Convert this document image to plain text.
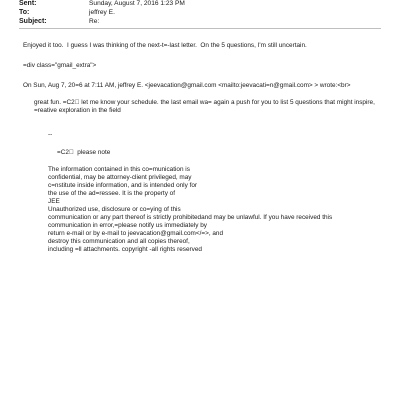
Sent:	Sunday, August 7, 2016 1:23 PM
To:	jeffrey E.
Subject:	Re:
Enjoyed it too.  I guess I was thinking of the next-t=-last letter.  On the 5 questions, I'm still uncertain.
=div class="gmail_extra">
On Sun, Aug 7, 20=6 at 7:11 AM, jeffrey E. <jeevacation@gmail.com <mailto:jeevacati=n@gmail.com> > wrote:<br>
great fun. =C2  let me know your schedule. the last email wa= again a push for you to list 5 questions that might inspire, =reative exploration in the field
--
=C2   please note
The information contained in this co=munication is
confidential, may be attorney-client privileged, may
c=nstitute inside information, and is intended only for
the use of the ad=ressee. It is the property of
JEE
Unauthorized use, disclosure or co=ying of this
communication or any part thereof is strictly prohibitedand may be unlawful. If you have received this
communication in error,=please notify us immediately by
return e-mail or by e-mail to jeevacation@gmail.com</=>, and
destroy this communication and all copies thereof,
including =ll attachments. copyright -all rights reserved
